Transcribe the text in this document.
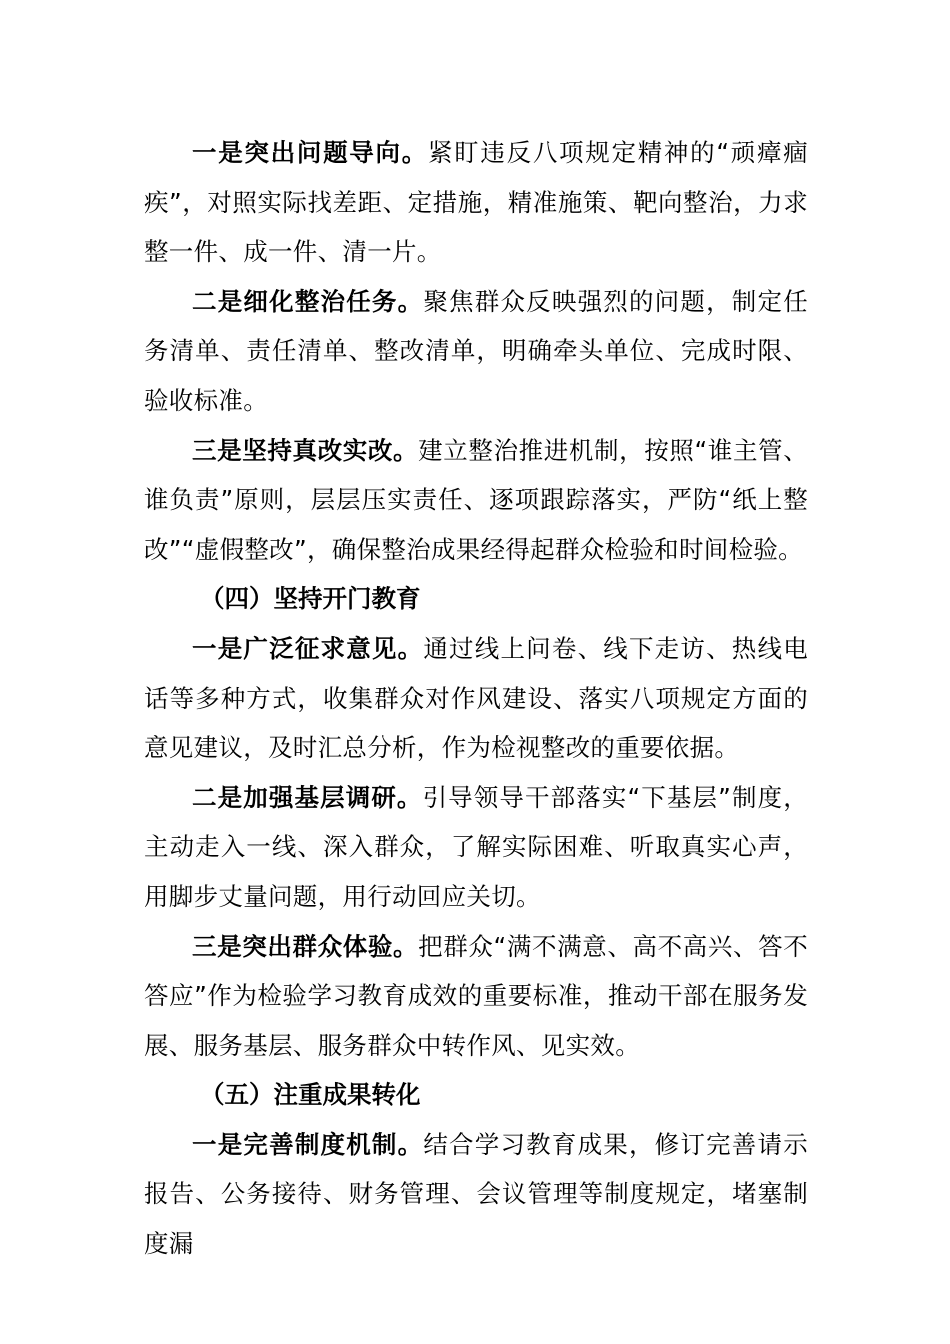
一是突出问题导向。紧盯违反八项规定精神的“顽瘴痼疾”，对照实际找差距、定措施，精准施策、靶向整治，力求整一件、成一件、清一片。

二是细化整治任务。聚焦群众反映强烈的问题，制定任务清单、责任清单、整改清单，明确牵头单位、完成时限、验收标准。

三是坚持真改实改。建立整治推进机制，按照“谁主管、谁负责”原则，层层压实责任、逐项跟踪落实，严防“纸上整改”“虚假整改”，确保整治成果经得起群众检验和时间检验。

（四）坚持开门教育

一是广泛征求意见。通过线上问卷、线下走访、热线电话等多种方式，收集群众对作风建设、落实八项规定方面的意见建议，及时汇总分析，作为检视整改的重要依据。

二是加强基层调研。引导领导干部落实“下基层”制度，主动走入一线、深入群众，了解实际困难、听取真实心声，用脚步丈量问题，用行动回应关切。

三是突出群众体验。把群众“满不满意、高不高兴、答不答应”作为检验学习教育成效的重要标准，推动干部在服务发展、服务基层、服务群众中转作风、见实效。

（五）注重成果转化

一是完善制度机制。结合学习教育成果，修订完善请示报告、公务接待、财务管理、会议管理等制度规定，堵塞制度漏
